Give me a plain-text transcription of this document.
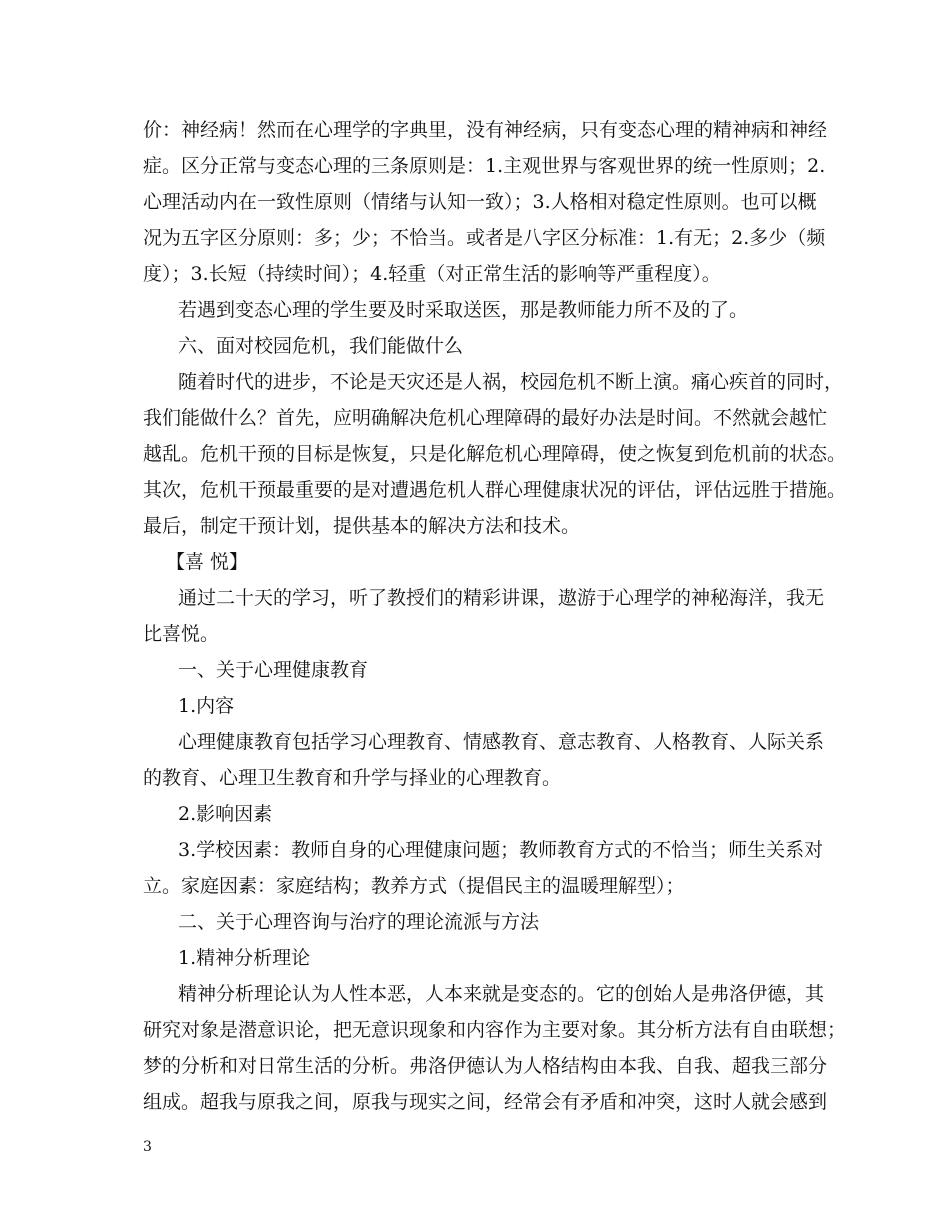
价：神经病！然而在心理学的字典里，没有神经病，只有变态心理的精神病和神经
症。区分正常与变态心理的三条原则是：1.主观世界与客观世界的统一性原则；2.
心理活动内在一致性原则（情绪与认知一致）；3.人格相对稳定性原则。也可以概
况为五字区分原则：多；少；不恰当。或者是八字区分标准：1.有无；2.多少（频
度）；3.长短（持续时间）；4.轻重（对正常生活的影响等严重程度）。
若遇到变态心理的学生要及时采取送医，那是教师能力所不及的了。
六、面对校园危机，我们能做什么
随着时代的进步，不论是天灾还是人祸，校园危机不断上演。痛心疾首的同时，
我们能做什么？首先，应明确解决危机心理障碍的最好办法是时间。不然就会越忙
越乱。危机干预的目标是恢复，只是化解危机心理障碍，使之恢复到危机前的状态。
其次，危机干预最重要的是对遭遇危机人群心理健康状况的评估，评估远胜于措施。
最后，制定干预计划，提供基本的解决方法和技术。
【喜 悦】
通过二十天的学习，听了教授们的精彩讲课，遨游于心理学的神秘海洋，我无
比喜悦。
一、关于心理健康教育
1.内容
心理健康教育包括学习心理教育、情感教育、意志教育、人格教育、人际关系
的教育、心理卫生教育和升学与择业的心理教育。
2.影响因素
3.学校因素：教师自身的心理健康问题；教师教育方式的不恰当；师生关系对
立。家庭因素：家庭结构；教养方式（提倡民主的温暖理解型）；
二、关于心理咨询与治疗的理论流派与方法
1.精神分析理论
精神分析理论认为人性本恶，人本来就是变态的。它的创始人是弗洛伊德，其
研究对象是潜意识论，把无意识现象和内容作为主要对象。其分析方法有自由联想；
梦的分析和对日常生活的分析。弗洛伊德认为人格结构由本我、自我、超我三部分
组成。超我与原我之间，原我与现实之间，经常会有矛盾和冲突，这时人就会感到
3
